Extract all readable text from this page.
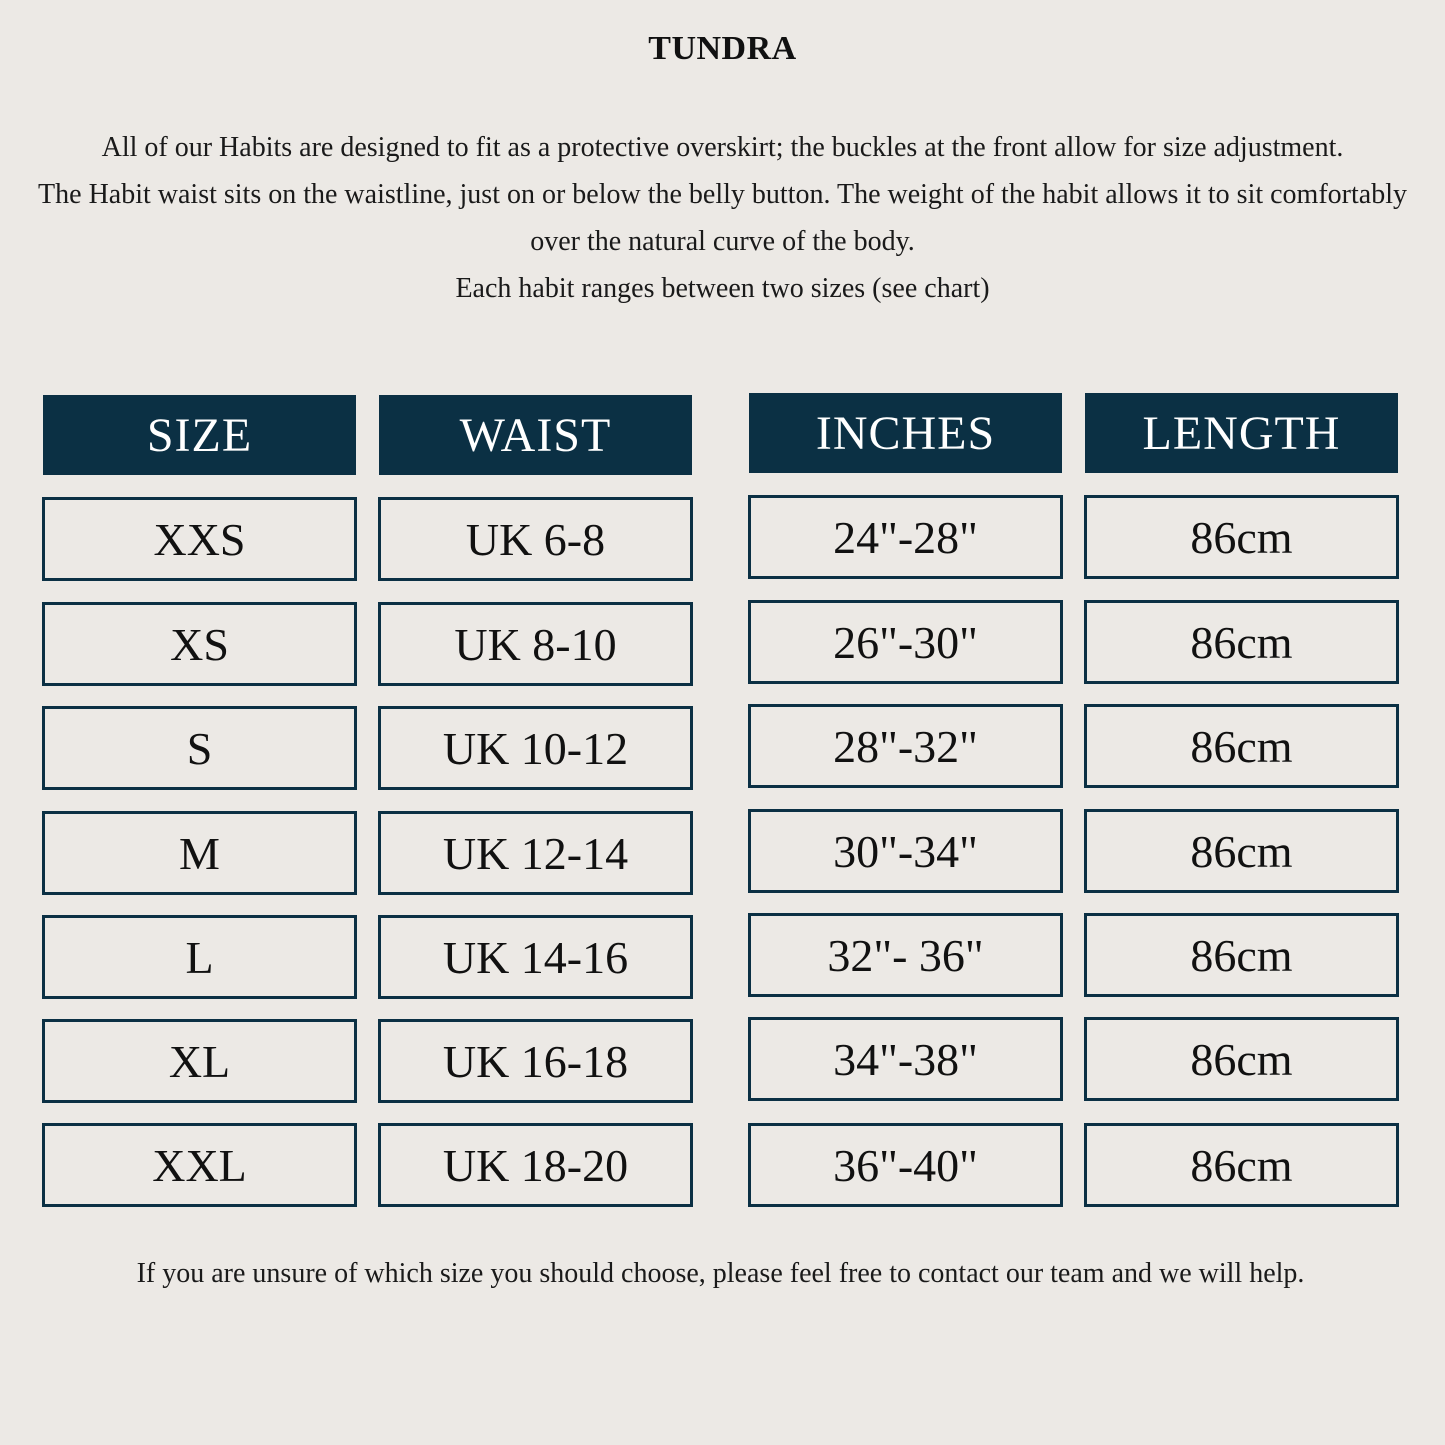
TUNDRA

All of our Habits are designed to fit as a protective overskirt; the buckles at the front allow for size adjustment.

The Habit waist sits on the waistline, just on or below the belly button. The weight of the habit allows it to sit comfortably over the natural curve of the body.

Each habit ranges between two sizes (see chart)

SIZE	WAIST	INCHES	LENGTH
XXS	UK 6-8	24"-28"	86cm
XS	UK 8-10	26"-30"	86cm
S	UK 10-12	28"-32"	86cm
M	UK 12-14	30"-34"	86cm
L	UK 14-16	32"- 36"	86cm
XL	UK 16-18	34"-38"	86cm
XXL	UK 18-20	36"-40"	86cm
If you are unsure of which size you should choose, please feel free to contact our team and we will help.
